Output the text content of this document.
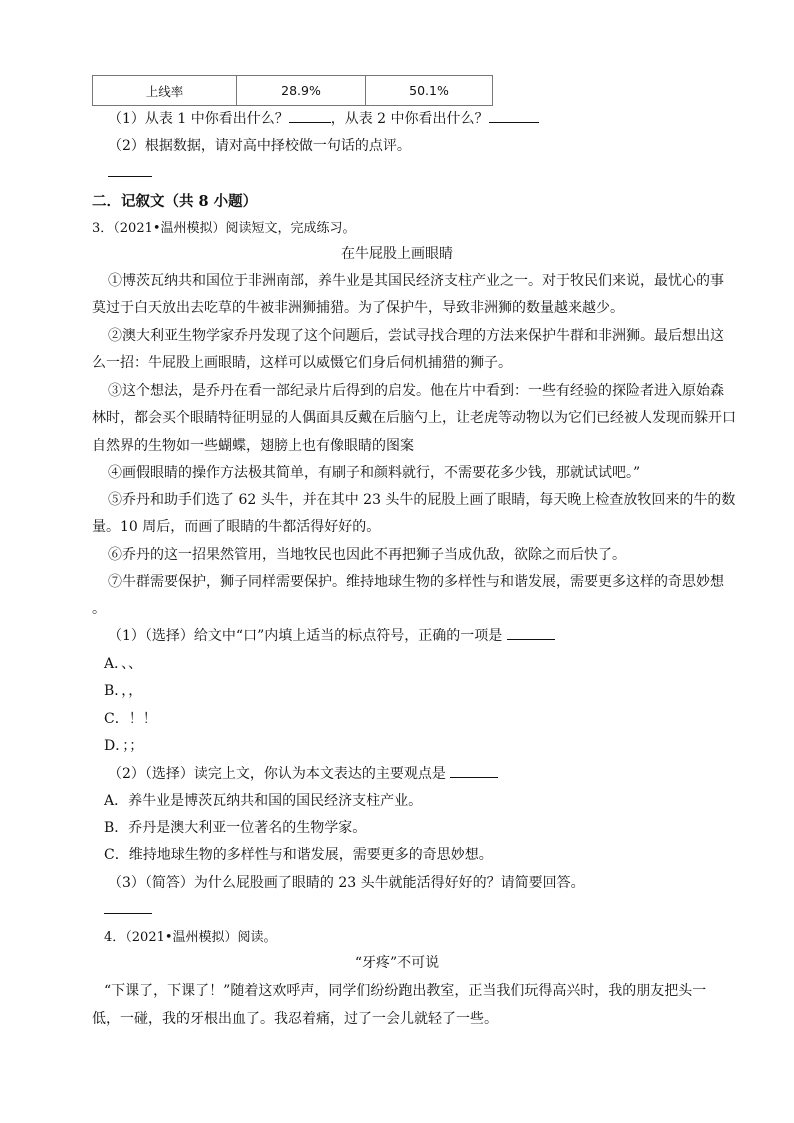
上线率	28.9%	50.1%
（1）从表 1 中你看出什么？	，从表 2 中你看出什么？
（2）根据数据，请对高中择校做一句话的点评。
二．记叙文（共 8 小题）
3．（2021•温州模拟）阅读短文，完成练习。
在牛屁股上画眼睛
①博茨瓦纳共和国位于非洲南部，养牛业是其国民经济支柱产业之一。对于牧民们来说，最忧心的事
莫过于白天放出去吃草的牛被非洲狮捕猎。为了保护牛，导致非洲狮的数量越来越少。
②澳大利亚生物学家乔丹发现了这个问题后，尝试寻找合理的方法来保护牛群和非洲狮。最后想出这
么一招：牛屁股上画眼睛，这样可以威慑它们身后伺机捕猎的狮子。
③这个想法，是乔丹在看一部纪录片后得到的启发。他在片中看到：一些有经验的探险者进入原始森
林时，都会买个眼睛特征明显的人偶面具反戴在后脑勺上，让老虎等动物以为它们已经被人发现而躲开口
自然界的生物如一些蝴蝶，翅膀上也有像眼睛的图案
④画假眼睛的操作方法极其简单，有刷子和颜料就行，不需要花多少钱，那就试试吧。”
⑤乔丹和助手们选了 62 头牛，并在其中 23 头牛的屁股上画了眼睛，每天晚上检查放牧回来的牛的数
量。10 周后，而画了眼睛的牛都活得好好的。
⑥乔丹的这一招果然管用，当地牧民也因此不再把狮子当成仇敌，欲除之而后快了。
⑦牛群需要保护，狮子同样需要保护。维持地球生物的多样性与和谐发展，需要更多这样的奇思妙想
。
（1）（选择）给文中“口”内填上适当的标点符号，正确的一项是
A．、、
B．，，
C．！！
D．；；
（2）（选择）读完上文，你认为本文表达的主要观点是
A．养牛业是博茨瓦纳共和国的国民经济支柱产业。
B．乔丹是澳大利亚一位著名的生物学家。
C．维持地球生物的多样性与和谐发展，需要更多的奇思妙想。
（3）（简答）为什么屁股画了眼睛的 23 头牛就能活得好好的？请简要回答。
4．（2021•温州模拟）阅读。
“牙疼”不可说
“下课了，下课了！”随着这欢呼声，同学们纷纷跑出教室，正当我们玩得高兴时，我的朋友把头一
低，一碰，我的牙根出血了。我忍着痛，过了一会儿就轻了一些。
